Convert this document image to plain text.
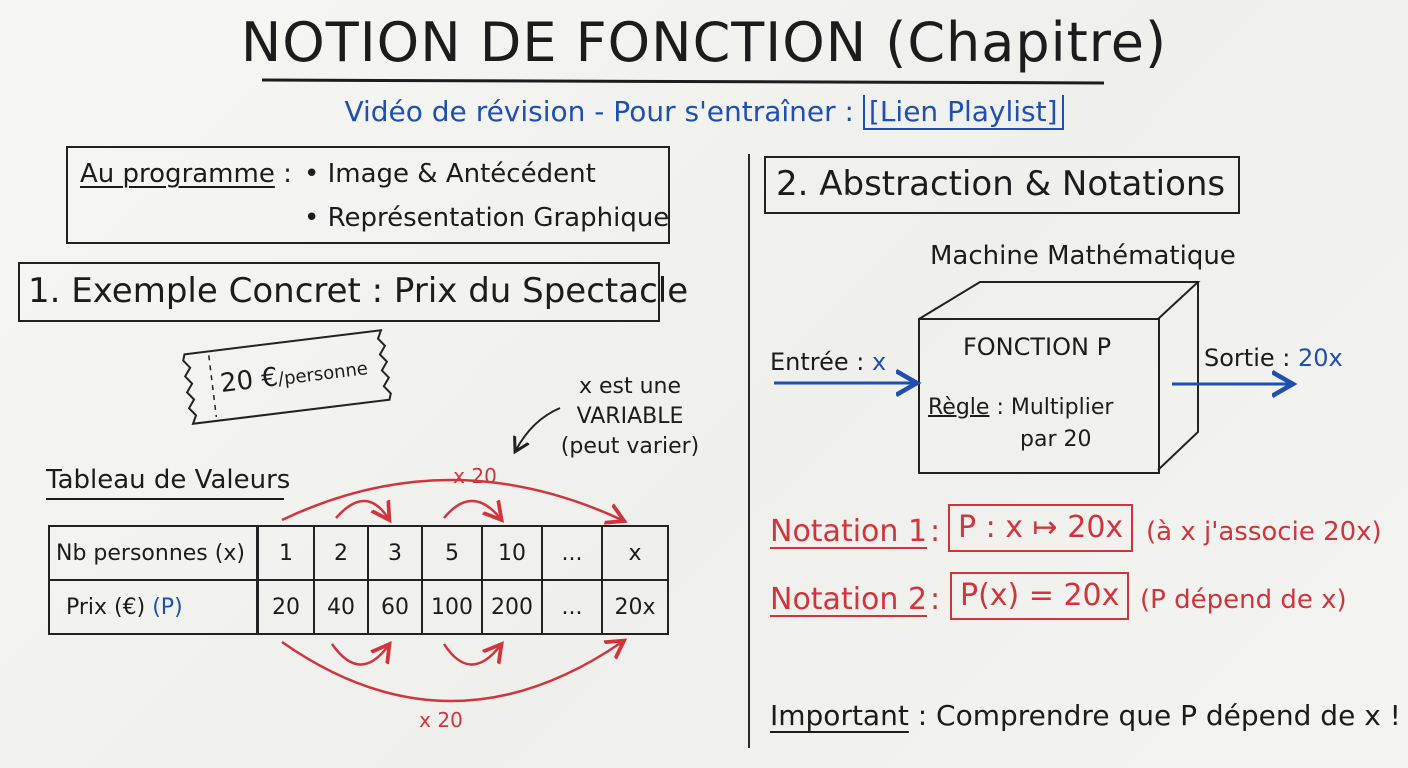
NOTION DE FONCTION (Chapitre)
Vidéo de révision - Pour s'entraîner : [Lien Playlist]
Au programme : • Image & Antécédent
• Représentation Graphique
1. Exemple Concret : Prix du Spectacle
20 €/personne	x est une
VARIABLE
(peut varier)
Tableau de Valeurs
Nb personnes (x)	1	2	3	5	10	...	x
Prix (€) (P)	20	40	60	100	200	...	20x
x 20
x 20
2. Abstraction & Notations
Machine Mathématique
FONCTION P
Règle : Multiplier
par 20
Entrée : x	Sortie : 20x
Notation 1 : P : x ↦ 20x (à x j'associe 20x)
Notation 2 : P(x) = 20x (P dépend de x)
Important : Comprendre que P dépend de x !
